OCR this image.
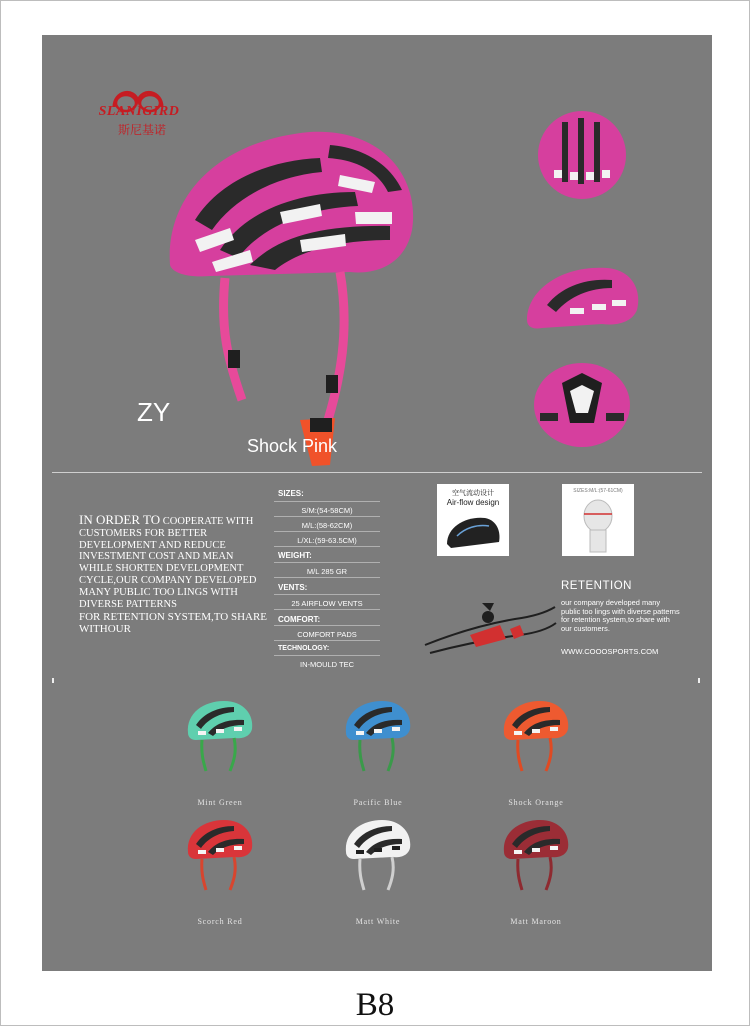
SLANIGIRD
斯尼基诺
ZY
Shock Pink
IN ORDER TO COOPERATE WITH CUSTOMERS FOR BETTER DEVELOPMENT AND REDUCE INVESTMENT COST AND MEAN WHILE SHORTEN DEVELOPMENT CYCLE,OUR COMPANY DEVELOPED MANY PUBLIC TOO LINGS WITH DIVERSE PATTERNS
FOR RETENTION SYSTEM,TO SHARE WITHOUR
SIZES:
S/M:(54-58CM)
M/L:(58-62CM)
L/XL:(59-63.5CM)
WEIGHT:
M/L 285 GR
VENTS:
25 AIRFLOW VENTS
COMFORT:
COMFORT PADS
TECHNOLOGY:
IN-MOULD TEC
空气流动设计
Air-flow design
SIZES:M/L:(57-61CM)
RETENTION
our company developed many public too lings with diverse patterns for retention system,to share with our customers.
WWW.COOOSPORTS.COM
Mint Green	Pacific Blue	Shock Orange
Scorch Red	Matt White	Matt Maroon
B8
